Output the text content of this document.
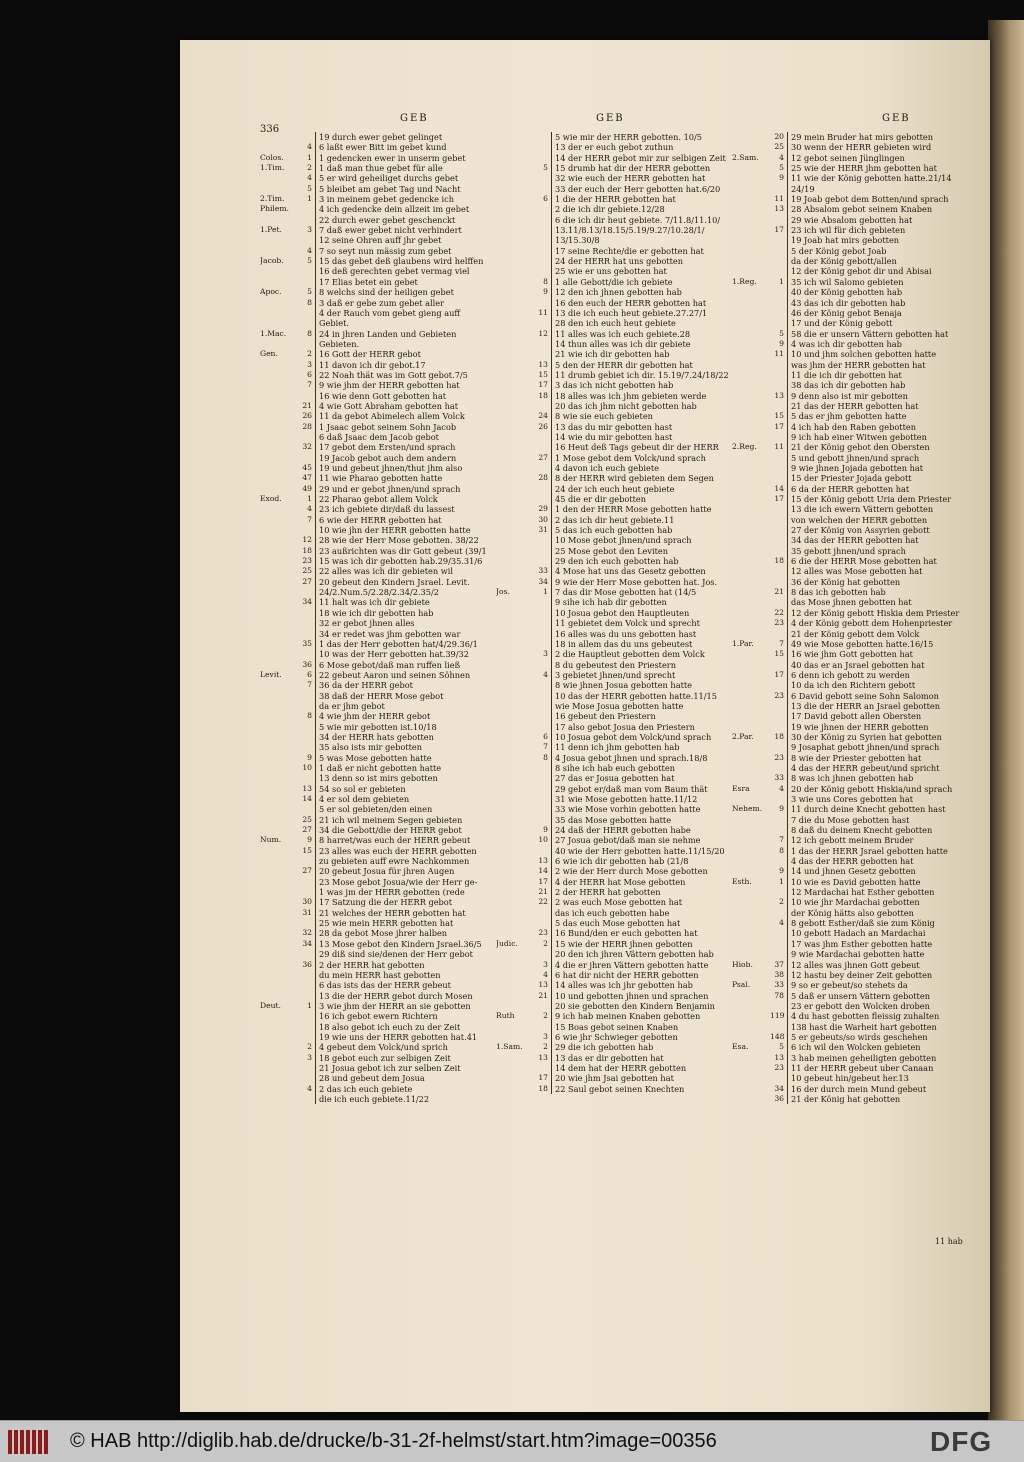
336
GEB
19 durch ewer gebet gelinget
4 6 laßt ewer Bitt im gebet kund
Colos.	1 1 gedencken ewer in unserm gebet
1.Tim.	2 1 daß man thue gebet für alle
4 5 er wird geheiliget durchs gebet
5 5 bleibet am gebet Tag und Nacht
2.Tim.	1 3 in meinem gebet gedencke ich
Philem.	4 ich gedencke dein allzeit im gebet
22 durch ewer gebet geschenckt
1.Pet.	3 7 daß ewer gebet nicht verhindert
12 seine Ohren auff jhr gebet
4 7 so seyt nun mässig zum gebet
Jacob.	5 15 das gebet deß glaubens wird helffen
16 deß gerechten gebet vermag viel
17 Elias betet ein gebet
Apoc.	5 8 welchs sind der heiligen gebet
8 3 daß er gebe zum gebet aller
4 der Rauch vom gebet gieng auff
Gebiet.
1.Mac.	8 24 in jhren Landen und Gebieten
Gebieten.
Gen.	2 16 Gott der HERR gebot
3 11 davon ich dir gebot.17
6 22 Noah thät was im Gott gebot.7/5
7 9 wie jhm der HERR gebotten hat
16 wie denn Gott gebotten hat
21 4 wie Gott Abraham gebotten hat
26 11 da gebot Abimelech allem Volck
28 1 Jsaac gebot seinem Sohn Jacob
6 daß Jsaac dem Jacob gebot
32 17 gebot dem Ersten/und sprach
19 Jacob gebot auch dem andern
45 19 und gebeut jhnen/thut jhm also
47 11 wie Pharao gebotten hatte
49 29 und er gebot jhnen/und sprach
Exod.	1 22 Pharao gebot allem Volck
4 23 ich gebiete dir/daß du lassest
7 6 wie der HERR gebotten hat
10 wie jhn der HERR gebotten hatte
12 28 wie der Herr Mose gebotten. 38/22
18 23 außrichten was dir Gott gebeut (39/1
23 15 was ich dir gebotten hab.29/35.31/6
25 22 alles was ich dir gebieten wil
27 20 gebeut den Kindern Jsrael. Levit.
24/2.Num.5/2.28/2.34/2.35/2
34 11 halt was ich dir gebiete
18 wie ich dir gebotten hab
32 er gebot jhnen alles
34 er redet was jhm gebotten war
35 1 das der Herr gebotten hat/4/29.36/1
10 was der Herr gebotten hat.39/32
36 6 Mose gebot/daß man ruffen ließ
Levit.	6 22 gebeut Aaron und seinen Söhnen
7 36 da der HERR gebot
38 daß der HERR Mose gebot
da er jhm gebot
8 4 wie jhm der HERR gebot
5 wie mir gebotten ist.10/18
34 der HERR hats gebotten
35 also ists mir gebotten
9 5 was Mose gebotten hatte
10 1 daß er nicht gebotten hatte
13 denn so ist mirs gebotten
13 54 so sol er gebieten
14 4 er sol dem gebieten
5 er sol gebieten/den einen
25 21 ich wil meinem Segen gebieten
27 34 die Gebott/die der HERR gebot
Num.	9 8 harret/was euch der HERR gebeut
15 23 alles was euch der HERR gebotten
zu gebieten auff ewre Nachkommen
27 20 gebeut Josua für jhren Augen
23 Mose gebot Josua/wie der Herr ge-
1 was jm der HERR gebotten (rede
30 17 Satzung die der HERR gebot
31 21 welches der HERR gebotten hat
25 wie mein HERR gebotten hat
32 28 da gebot Mose jhrer halben
34 13 Mose gebot den Kindern Jsrael.36/5
29 diß sind sie/denen der Herr gebot
36 2 der HERR hat gebotten
du mein HERR hast gebotten
6 das ists das der HERR gebeut
13 die der HERR gebot durch Mosen
Deut.	1 3 wie jhm der HERR an sie gebotten
16 ich gebot ewern Richtern
18 also gebot ich euch zu der Zeit
19 wie uns der HERR gebotten hat.41
2 4 gebeut dem Volck/und sprich
3 18 gebot euch zur selbigen Zeit
21 Josua gebot ich zur selben Zeit
28 und gebeut dem Josua
4 2 das ich euch gebiete
die ich euch gebiete.11/22
GEB
5 wie mir der HERR gebotten. 10/5
13 der er euch gebot zuthun
14 der HERR gebot mir zur selbigen Zeit
5 15 drumb hat dir der HERR gebotten
32 wie euch der HERR gebotten hat
33 der euch der Herr gebotten hat.6/20
6 1 die der HERR gebotten hat
2 die ich dir gebiete.12/28
6 die ich dir heut gebiete. 7/11.8/11.10/
13.11/8.13/18.15/5.19/9.27/10.28/1/
13/15.30/8
17 seine Rechte/die er gebotten hat
24 der HERR hat uns gebotten
25 wie er uns gebotten hat
8 1 alle Gebott/die ich gebiete
9 12 den ich jhnen gebotten hab
16 den euch der HERR gebotten hat
11 13 die ich euch heut gebiete.27.27/1
28 den ich euch heut gebiete
12 11 alles was ich euch gebiete.28
14 thun alles was ich dir gebiete
21 wie ich dir gebotten hab
13 5 den der HERR dir gebotten hat
15 11 drumb gebiet ich dir. 15.19/7.24/18/22
17 3 das ich nicht gebotten hab
18 18 alles was ich jhm gebieten werde
20 das ich jhm nicht gebotten hab
24 8 wie sie euch gebieten
26 13 das du mir gebotten hast
14 wie du mir gebotten hast
16 Heut deß Tags gebeut dir der HERR
27 1 Mose gebot dem Volck/und sprach
4 davon ich euch gebiete
28 8 der HERR wird gebieten dem Segen
24 der ich euch heut gebiete
45 die er dir gebotten
29 1 den der HERR Mose gebotten hatte
30 2 das ich dir heut gebiete.11
31 5 das ich euch gebotten hab
10 Mose gebot jhnen/und sprach
25 Mose gebot den Leviten
29 den ich euch gebotten hab
33 4 Mose hat uns das Gesetz gebotten
34 9 wie der Herr Mose gebotten hat. Jos.
Jos.	1 7 das dir Mose gebotten hat (14/5
9 sihe ich hab dir gebotten
10 Josua gebot den Hauptleuten
11 gebietet dem Volck und sprecht
16 alles was du uns gebotten hast
18 in allem das du uns gebeutest
3 2 die Hauptleut gebotten dem Volck
8 du gebeutest den Priestern
4 3 gebietet jhnen/und sprecht
8 wie jhnen Josua gebotten hatte
10 das der HERR gebotten hatte.11/15
wie Mose Josua gebotten hatte
16 gebeut den Priestern
17 also gebot Josua den Priestern
6 10 Josua gebot dem Volck/und sprach
7 11 denn ich jhm gebotten hab
8 4 Josua gebot jhnen und sprach.18/8
8 sihe ich hab euch gebotten
27 das er Josua gebotten hat
29 gebot er/daß man vom Baum thät
31 wie Mose gebotten hatte.11/12
33 wie Mose vorhin gebotten hatte
35 das Mose gebotten hatte
9 24 daß der HERR gebotten habe
10 27 Josua gebot/daß man sie nehme
40 wie der Herr gebotten hatte.11/15/20
13 6 wie ich dir gebotten hab (21/8
14 2 wie der Herr durch Mose gebotten
17 4 der HERR hat Mose gebotten
21 2 der HERR hat gebotten
22 2 was euch Mose gebotten hat
das ich euch gebotten habe
5 das euch Mose gebotten hat
23 16 Bund/den er euch gebotten hat
Judic.	2 15 wie der HERR jhnen gebotten
20 den ich jhren Vättern gebotten hab
3 4 die er jhren Vättern gebotten hatte
4 6 hat dir nicht der HERR gebotten
13 14 alles was ich jhr gebotten hab
21 10 und gebotten jhnen und sprachen
20 sie gebotten den Kindern Benjamin
Ruth	2 9 ich hab meinen Knaben gebotten
15 Boas gebot seinen Knaben
3 6 wie jhr Schwieger gebotten
1.Sam.	2 29 die ich gebotten hab
13 13 das er dir gebotten hat
14 dem hat der HERR gebotten
17 20 wie jhm Jsai gebotten hat
18 22 Saul gebot seinen Knechten
GEB
20 29 mein Bruder hat mirs gebotten
25 30 wenn der HERR gebieten wird
2.Sam.	4 12 gebot seinen Jünglingen
5 25 wie der HERR jhm gebotten hat
9 11 wie der König gebotten hatte.21/14
24/19
11 19 Joab gebot dem Botten/und sprach
13 28 Absalom gebot seinem Knaben
29 wie Absalom gebotten hat
17 23 ich wil für dich gebieten
19 Joab hat mirs gebotten
5 der König gebot Joab
da der König gebott/allen
12 der König gebot dir und Abisai
1.Reg.	1 35 ich wil Salomo gebieten
40 der König gebotten hab
43 das ich dir gebotten hab
46 der König gebot Benaja
17 und der König gebott
5 58 die er unsern Vättern gebotten hat
9 4 was ich dir gebotten hab
11 10 und jhm solchen gebotten hatte
was jhm der HERR gebotten hat
11 die ich dir gebotten hat
38 das ich dir gebotten hab
13 9 denn also ist mir gebotten
21 das der HERR gebotten hat
15 5 das er jhm gebotten hatte
17 4 ich hab den Raben gebotten
9 ich hab einer Witwen gebotten
2.Reg.	11 21 der König gebot den Obersten
5 und gebott jhnen/und sprach
9 wie jhnen Jojada gebotten hat
15 der Priester Jojada gebott
14 6 da der HERR gebotten hat
17 15 der König gebott Uria dem Priester
13 die ich ewern Vättern gebotten
von welchen der HERR gebotten
27 der König von Assyrien gebott
34 das der HERR gebotten hat
35 gebott jhnen/und sprach
18 6 die der HERR Mose gebotten hat
12 alles was Mose gebotten hat
36 der König hat gebotten
21 8 das ich gebotten hab
das Mose jhnen gebotten hat
22 12 der König gebott Hiskia dem Priester
23 4 der König gebott dem Hohenpriester
21 der König gebott dem Volck
1.Par.	7 49 wie Mose gebotten hatte.16/15
15 16 wie jhm Gott gebotten hat
40 das er an Jsrael gebotten hat
17 6 denn ich gebott zu werden
10 da ich den Richtern gebott
23 6 David gebott seine Sohn Salomon
13 die der HERR an Jsrael gebotten
17 David gebott allen Obersten
19 wie jhnen der HERR gebotten
2.Par.	18 30 der König zu Syrien hat gebotten
9 Josaphat gebott jhnen/und sprach
23 8 wie der Priester gebotten hat
4 das der HERR gebeut/und spricht
33 8 was ich jhnen gebotten hab
Esra	4 20 der König gebott Hiskia/und sprach
3 wie uns Cores gebotten hat
Nehem.	9 11 durch deine Knecht gebotten hast
7 die du Mose gebotten hast
8 daß du deinem Knecht gebotten
7 12 ich gebott meinem Bruder
8 1 das der HERR Jsrael gebotten hatte
4 das der HERR gebotten hat
9 14 und jhnen Gesetz gebotten
Esth.	1 10 wie es David gebotten hatte
12 Mardachai hat Esther gebotten
2 10 wie jhr Mardachai gebotten
der König hätts also gebotten
4 8 gebott Esther/daß sie zum König
10 gebott Hadach an Mardachai
17 was jhm Esther gebotten hatte
9 wie Mardachai gebotten hatte
Hiob.	37 12 alles was jhnen Gott gebeut
38 12 hastu bey deiner Zeit gebotten
Psal.	33 9 so er gebeut/so stehets da
78 5 daß er unsern Vättern gebotten
23 er gebott den Wolcken droben
119 4 du hast gebotten fleissig zuhalten
138 hast die Warheit hart gebotten
148 5 er gebeuts/so wirds geschehen
Esa.	5 6 ich wil den Wolcken gebieten
13 3 hab meinen geheiligten gebotten
23 11 der HERR gebeut uber Canaan
10 gebeut hin/gebeut her.13
34 16 der durch mein Mund gebeut
36 21 der König hat gebotten
11 hab
© HAB http://diglib.hab.de/drucke/b-31-2f-helmst/start.htm?image=00356	DFG
